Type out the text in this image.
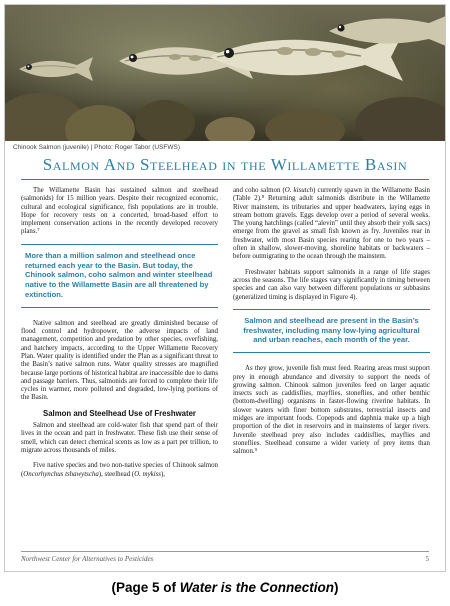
Chinook Salmon (juvenile) | Photo: Roger Tabor (USFWS)
Salmon And Steelhead in the Willamette Basin

The Willamette Basin has sustained salmon and steelhead (salmonids) for 15 million years. Despite their recognized economic, cultural and ecological significance, fish populations are in trouble. Hope for recovery rests on a concerted, broad-based effort to implement conservation actions in the recently developed recovery plans.⁷

More than a million salmon and steelhead once returned each year to the Basin. But today, the Chinook salmon, coho salmon and winter steelhead native to the Willamette Basin are all threatened by extinction.

Native salmon and steelhead are greatly diminished because of flood control and hydropower, the adverse impacts of land management, competition and predation by other species, overfishing, and hatchery impacts, according to the Upper Willamette Recovery Plan. Water quality is identified under the Plan as a significant threat to the Basin’s native salmon runs. Water quality stresses are magnified because large portions of historical habitat are inaccessible due to dams and passage barriers. Thus, salmonids are forced to complete their life cycles in warmer, more polluted and degraded, low-lying portions of the Basin.

Salmon and Steelhead Use of Freshwater

Salmon and steelhead are cold-water fish that spend part of their lives in the ocean and part in freshwater. These fish use their sense of smell, which can detect chemical scents as low as a part per trillion, to migrate across thousands of miles.

Five native species and two non-native species of Chinook salmon (Oncorhynchus tshawytscha), steelhead (O. mykiss),

and coho salmon (O. kisutch) currently spawn in the Willamette Basin (Table 2).⁸ Returning adult salmonids distribute in the Willamette River mainstem, its tributaries and upper headwaters, laying eggs in stream bottom gravels. Eggs develop over a period of several weeks. The young hatchlings (called “alevin” until they absorb their yolk sacs) emerge from the gravel as small fish known as fry. Juveniles rear in freshwater, with most Basin species rearing for one to two years – often in shallow, slower-moving, shoreline habitats or backwaters – before outmigrating to the ocean through the mainstem.

Freshwater habitats support salmonids in a range of life stages across the seasons. The life stages vary significantly in timing between species and can also vary between different populations or subbasins (generalized timing is displayed in Figure 4).

Salmon and steelhead are present in the Basin’s freshwater, including many low-lying agricultural and urban reaches, each month of the year.

As they grow, juvenile fish must feed. Rearing areas must support prey in enough abundance and diversity to support the needs of growing salmon. Chinook salmon juveniles feed on larger aquatic insects such as caddisflies, mayflies, stoneflies, and other benthic (bottom-dwelling) organisms in faster-flowing riverine habitats. In slower waters with finer bottom substrates, terrestrial insects and midges are important foods. Copepods and daphnia make up a high proportion of the diet in reservoirs and in mainstems of larger rivers. Juvenile steelhead prey also includes caddisflies, mayflies and stoneflies. Steelhead consume a wider variety of prey items than salmon.⁹

Northwest Center for Alternatives to Pesticides	5
(Page 5 of Water is the Connection)
